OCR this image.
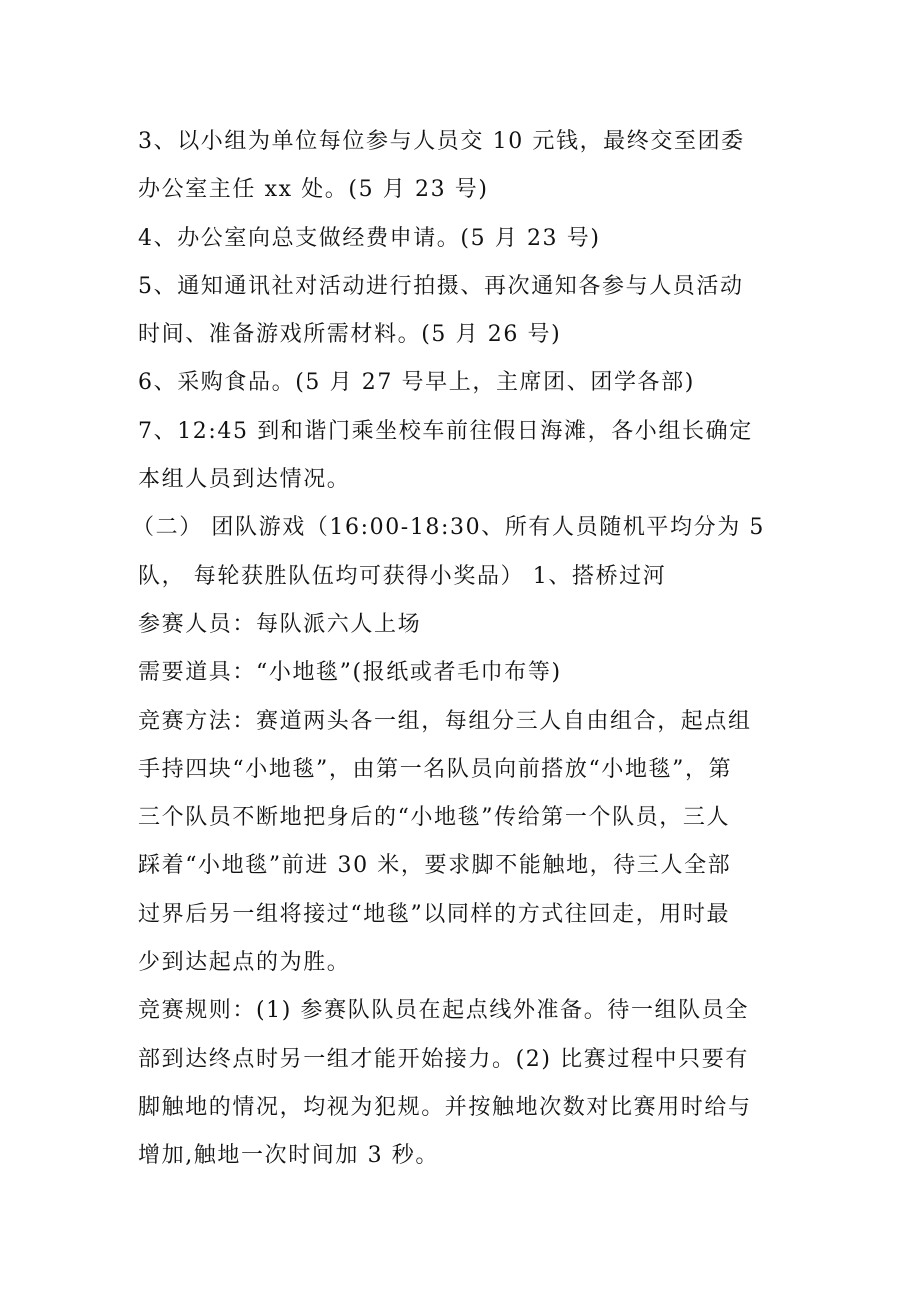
3、以小组为单位每位参与人员交 10 元钱，最终交至团委
办公室主任 xx 处。(5 月 23 号)
4、办公室向总支做经费申请。(5 月 23 号)
5、通知通讯社对活动进行拍摄、再次通知各参与人员活动
时间、准备游戏所需材料。(5 月 26 号)
6、采购食品。(5 月 27 号早上，主席团、团学各部)
7、12:45 到和谐门乘坐校车前往假日海滩，各小组长确定
本组人员到达情况。
（二） 团队游戏（16:00-18:30、所有人员随机平均分为 5
队， 每轮获胜队伍均可获得小奖品） 1、搭桥过河
参赛人员：每队派六人上场
需要道具：“小地毯”(报纸或者毛巾布等)
竞赛方法：赛道两头各一组，每组分三人自由组合，起点组
手持四块“小地毯”，由第一名队员向前搭放“小地毯”，第
三个队员不断地把身后的“小地毯”传给第一个队员，三人
踩着“小地毯”前进 30 米，要求脚不能触地，待三人全部
过界后另一组将接过“地毯”以同样的方式往回走，用时最
少到达起点的为胜。
竞赛规则：(1) 参赛队队员在起点线外准备。待一组队员全
部到达终点时另一组才能开始接力。(2) 比赛过程中只要有
脚触地的情况，均视为犯规。并按触地次数对比赛用时给与
增加,触地一次时间加 3 秒。
